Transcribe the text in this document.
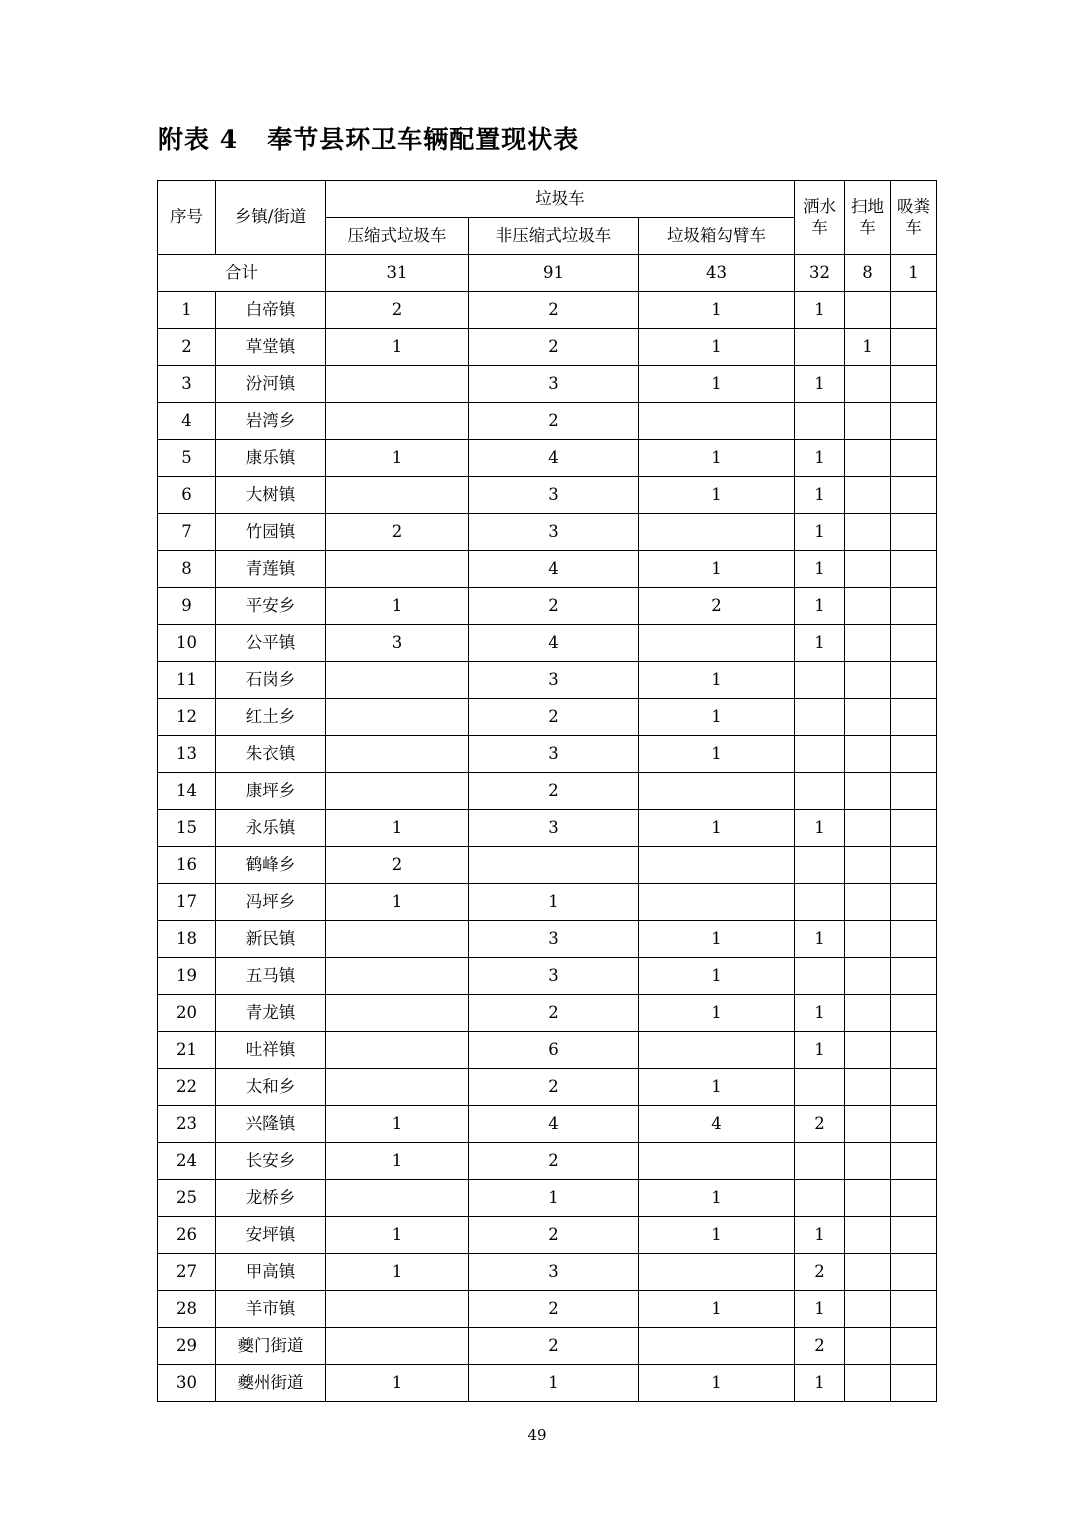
附表 4   奉节县环卫车辆配置现状表
序号	乡镇/街道	垃圾车			洒水车	扫地车	吸粪车
		压缩式垃圾车	非压缩式垃圾车	垃圾箱勾臂车			
合计		31	91	43	32	8	1
1	白帝镇	2	2	1	1		
2	草堂镇	1	2	1		1	
3	汾河镇		3	1	1		
4	岩湾乡		2				
5	康乐镇	1	4	1	1		
6	大树镇		3	1	1		
7	竹园镇	2	3		1		
8	青莲镇		4	1	1		
9	平安乡	1	2	2	1		
10	公平镇	3	4		1		
11	石岗乡		3	1			
12	红土乡		2	1			
13	朱衣镇		3	1			
14	康坪乡		2				
15	永乐镇	1	3	1	1		
16	鹤峰乡	2					
17	冯坪乡	1	1				
18	新民镇		3	1	1		
19	五马镇		3	1			
20	青龙镇		2	1	1		
21	吐祥镇		6		1		
22	太和乡		2	1			
23	兴隆镇	1	4	4	2		
24	长安乡	1	2				
25	龙桥乡		1	1			
26	安坪镇	1	2	1	1		
27	甲高镇	1	3		2		
28	羊市镇		2	1	1		
29	夔门街道		2		2		
30	夔州街道	1	1	1	1		
49
